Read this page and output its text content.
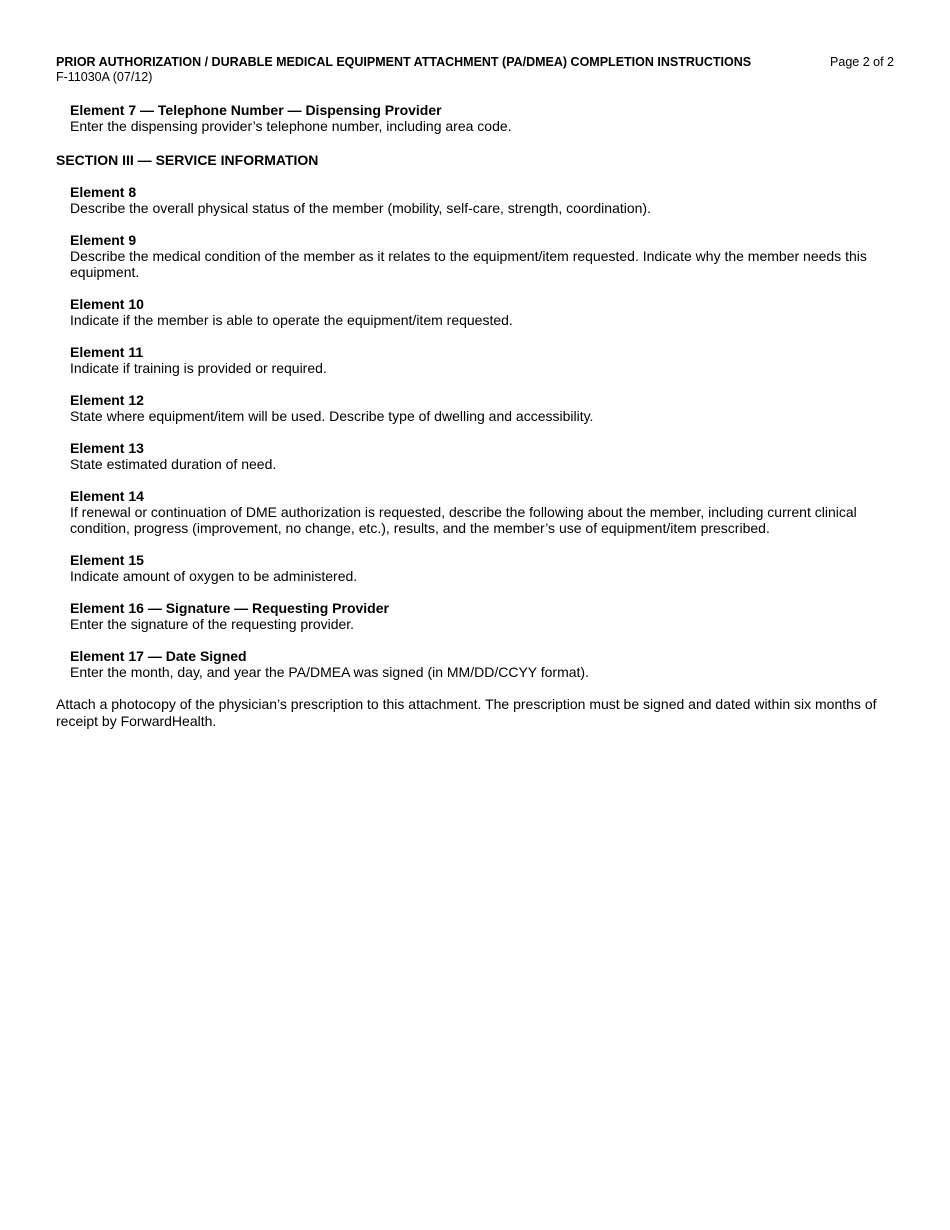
PRIOR AUTHORIZATION / DURABLE MEDICAL EQUIPMENT ATTACHMENT (PA/DMEA) COMPLETION INSTRUCTIONS	Page 2 of 2
F-11030A (07/12)

Element 7 — Telephone Number — Dispensing Provider

Enter the dispensing provider’s telephone number, including area code.

SECTION III — SERVICE INFORMATION

Element 8

Describe the overall physical status of the member (mobility, self-care, strength, coordination).

Element 9

Describe the medical condition of the member as it relates to the equipment/item requested. Indicate why the member needs this equipment.

Element 10

Indicate if the member is able to operate the equipment/item requested.

Element 11

Indicate if training is provided or required.

Element 12

State where equipment/item will be used. Describe type of dwelling and accessibility.

Element 13

State estimated duration of need.

Element 14

If renewal or continuation of DME authorization is requested, describe the following about the member, including current clinical condition, progress (improvement, no change, etc.), results, and the member’s use of equipment/item prescribed.

Element 15

Indicate amount of oxygen to be administered.

Element 16 — Signature — Requesting Provider

Enter the signature of the requesting provider.

Element 17 — Date Signed

Enter the month, day, and year the PA/DMEA was signed (in MM/DD/CCYY format).

Attach a photocopy of the physician’s prescription to this attachment. The prescription must be signed and dated within six months of receipt by ForwardHealth.
